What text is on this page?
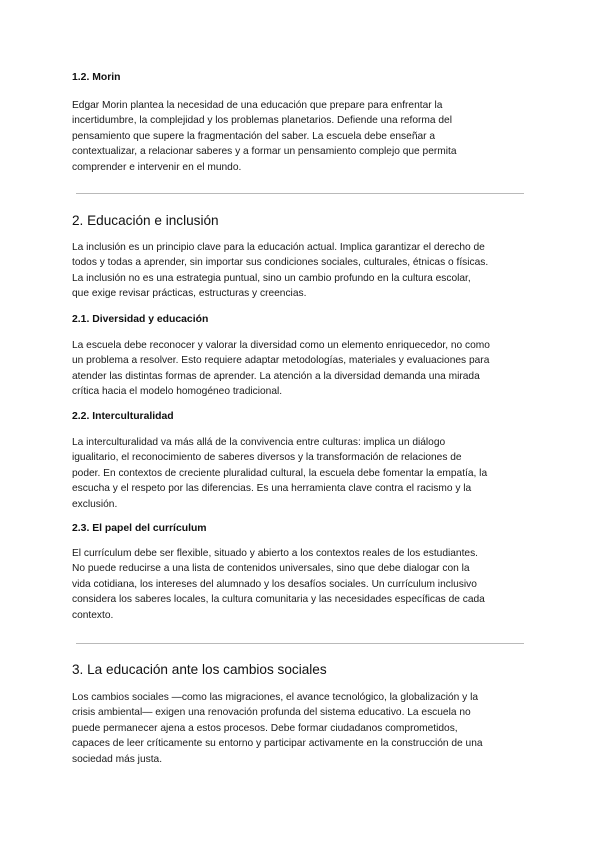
1.2. Morin

Edgar Morin plantea la necesidad de una educación que prepare para enfrentar la

incertidumbre, la complejidad y los problemas planetarios. Defiende una reforma del

pensamiento que supere la fragmentación del saber. La escuela debe enseñar a

contextualizar, a relacionar saberes y a formar un pensamiento complejo que permita

comprender e intervenir en el mundo.

2. Educación e inclusión

La inclusión es un principio clave para la educación actual. Implica garantizar el derecho de

todos y todas a aprender, sin importar sus condiciones sociales, culturales, étnicas o físicas.

La inclusión no es una estrategia puntual, sino un cambio profundo en la cultura escolar,

que exige revisar prácticas, estructuras y creencias.

2.1. Diversidad y educación

La escuela debe reconocer y valorar la diversidad como un elemento enriquecedor, no como

un problema a resolver. Esto requiere adaptar metodologías, materiales y evaluaciones para

atender las distintas formas de aprender. La atención a la diversidad demanda una mirada

crítica hacia el modelo homogéneo tradicional.

2.2. Interculturalidad

La interculturalidad va más allá de la convivencia entre culturas: implica un diálogo

igualitario, el reconocimiento de saberes diversos y la transformación de relaciones de

poder. En contextos de creciente pluralidad cultural, la escuela debe fomentar la empatía, la

escucha y el respeto por las diferencias. Es una herramienta clave contra el racismo y la

exclusión.

2.3. El papel del currículum

El currículum debe ser flexible, situado y abierto a los contextos reales de los estudiantes.

No puede reducirse a una lista de contenidos universales, sino que debe dialogar con la

vida cotidiana, los intereses del alumnado y los desafíos sociales. Un currículum inclusivo

considera los saberes locales, la cultura comunitaria y las necesidades específicas de cada

contexto.

3. La educación ante los cambios sociales

Los cambios sociales —como las migraciones, el avance tecnológico, la globalización y la

crisis ambiental— exigen una renovación profunda del sistema educativo. La escuela no

puede permanecer ajena a estos procesos. Debe formar ciudadanos comprometidos,

capaces de leer críticamente su entorno y participar activamente en la construcción de una

sociedad más justa.
